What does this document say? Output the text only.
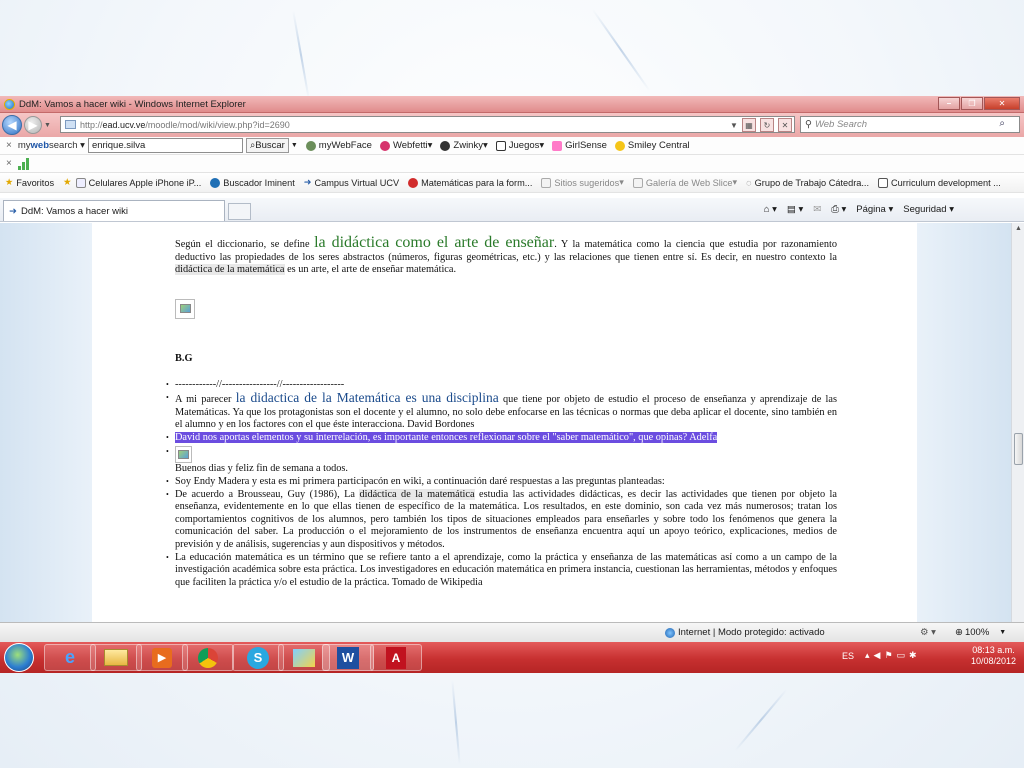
DdM: Vamos a hacer wiki - Windows Internet Explorer	–	❐	✕
◀ ▶ ▼	http:// ead.ucv.ve /moodle/mod/wiki/view.php?id=2690	▼ ▦	↻	✕	⚲ Web Search	⌕
× mywebsearch ▾ enrique.silva	⌕ Buscar ▼ myWebFace Webfetti ▾ Zwinky ▾ Juegos ▾ GirlSense Smiley Central
×
★ Favoritos ★ Celulares Apple iPhone iP... Buscador Iminent ➜ Campus Virtual UCV Matemáticas para la form... Sitios sugeridos ▾ Galería de Web Slice ▾ ◌ Grupo de Trabajo Cátedra... Curriculum development ...
➜ DdM: Vamos a hacer wiki	⌂ ▾ ▤ ▾ ✉ ⎙ ▾ Página ▾ Seguridad ▾

Según el diccionario, se define la didáctica como el arte de enseñar. Y la matemática como la ciencia que estudia por razonamiento deductivo las propiedades de los seres abstractos (números, figuras geométricas, etc.) y las relaciones que tienen entre sí. Es decir, en nuestro contexto la didáctica de la matemática es un arte, el arte de enseñar matemática.

B.G

• ------------//----------------//------------------
• A mi parecer la didactica de la Matemática es una disciplina que tiene por objeto de estudio el proceso de enseñanza y aprendizaje de las Matemáticas. Ya que los protagonistas son el docente y el alumno, no solo debe enfocarse en las técnicas o normas que deba aplicar el docente, sino también en el alumno y en los factores con el que éste interacciona. David Bordones
• David nos aportas elementos y su interrelación, es importante entonces reflexionar sobre el "saber matemático", que opinas? Adelfa
•
Buenos dias y feliz fin de semana a todos.
• Soy Endy Madera y esta es mi primera participacón en wiki, a continuación daré respuestas a las preguntas planteadas:
• De acuerdo a Brousseau, Guy (1986), La didáctica de la matemática estudia las actividades didácticas, es decir las actividades que tienen por objeto la enseñanza, evidentemente en lo que ellas tienen de específico de la matemática. Los resultados, en este dominio, son cada vez más numerosos; tratan los comportamientos cognitivos de los alumnos, pero también los tipos de situaciones empleados para enseñarles y sobre todo los fenómenos que genera la comunicación del saber. La producción o el mejoramiento de los instrumentos de enseñanza encuentra aquí un apoyo teórico, explicaciones, medios de previsión y de análisis, sugerencias y aun dispositivos y métodos.
• La educación matemática es un término que se refiere tanto a el aprendizaje, como la práctica y enseñanza de las matemáticas así como a un campo de la investigación académica sobre esta práctica. Los investigadores en educación matemática en primera instancia, cuestionan las herramientas, métodos y enfoques que faciliten la práctica y/o el estudio de la práctica. Tomado de Wikipedia
▲
Internet | Modo protegido: activado	⚙ ▾ ⊕ 100% ▼
e	▶	S	W	A	ES ▴◀⚑▭✱	08:13 a.m.
10/08/2012
